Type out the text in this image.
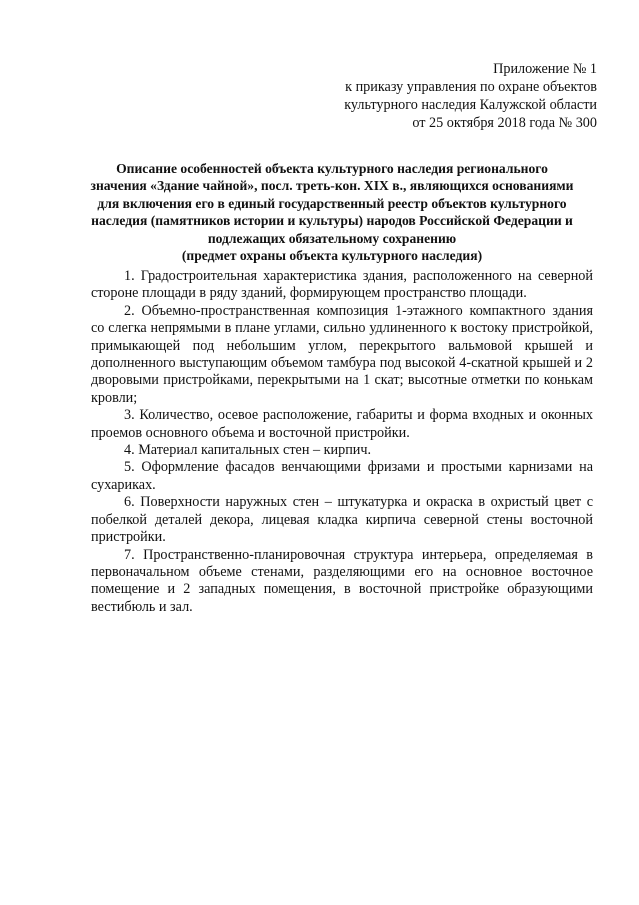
Приложение № 1
к приказу управления по охране объектов
культурного наследия Калужской области
от 25 октября 2018 года № 300
Описание особенностей объекта культурного наследия регионального
значения «Здание чайной», посл. треть-кон. XIX в., являющихся основаниями
для включения его в единый государственный реестр объектов культурного
наследия (памятников истории и культуры) народов Российской Федерации и
подлежащих обязательному сохранению
(предмет охраны объекта культурного наследия)

1. Градостроительная характеристика здания, расположенного на северной стороне площади в ряду зданий, формирующем пространство площади.

2. Объемно-пространственная композиция 1-этажного компактного здания со слегка непрямыми в плане углами, сильно удлиненного к востоку пристройкой, примыкающей под небольшим углом, перекрытого вальмовой крышей и дополненного выступающим объемом тамбура под высокой 4-скатной крышей и 2 дворовыми пристройками, перекрытыми на 1 скат; высотные отметки по конькам кровли;

3. Количество, осевое расположение, габариты и форма входных и оконных проемов основного объема и восточной пристройки.

4. Материал капитальных стен – кирпич.

5. Оформление фасадов венчающими фризами и простыми карнизами на сухариках.

6. Поверхности наружных стен – штукатурка и окраска в охристый цвет с побелкой деталей декора, лицевая кладка кирпича северной стены восточной пристройки.

7. Пространственно-планировочная структура интерьера, определяемая в первоначальном объеме стенами, разделяющими его на основное восточное помещение и 2 западных помещения, в восточной пристройке образующими вестибюль и зал.
